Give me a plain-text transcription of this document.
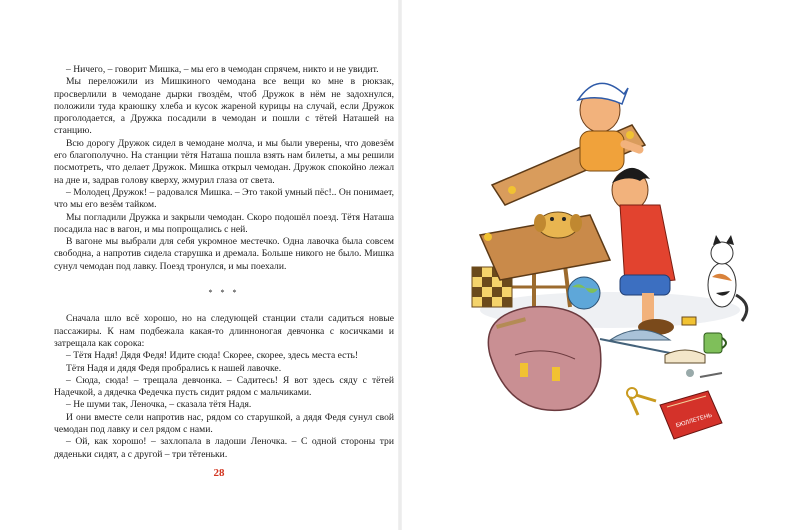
– Ничего, – говорит Мишка, – мы его в чемодан спрячем, никто и не увидит.

Мы переложили из Мишкиного чемодана все вещи ко мне в рюкзак, просверлили в чемодане дырки гвоздём, чтоб Дружок в нём не задохнулся, положили туда краюшку хлеба и кусок жареной курицы на случай, если Дружок проголодается, а Дружка посадили в чемодан и пошли с тётей Наташей на станцию.

Всю дорогу Дружок сидел в чемодане молча, и мы были уверены, что довезём его благополучно. На станции тётя Наташа пошла взять нам билеты, а мы решили посмотреть, что делает Дружок. Мишка открыл чемодан. Дружок спокойно лежал на дне и, задрав голову кверху, жмурил глаза от света.

– Молодец Дружок! – радовался Мишка. – Это такой умный пёс!.. Он понимает, что мы его везём тайком.

Мы погладили Дружка и закрыли чемодан. Скоро подошёл поезд. Тётя Наташа посадила нас в вагон, и мы попрощались с ней.

В вагоне мы выбрали для себя укромное местечко. Одна лавочка была совсем свободна, а напротив сидела старушка и дремала. Больше никого не было. Мишка сунул чемодан под лавку. Поезд тронулся, и мы поехали.

* * *

Сначала шло всё хорошо, но на следующей станции стали садиться новые пассажиры. К нам подбежала какая-то длинноногая девчонка с косичками и затрещала как сорока:

– Тётя Надя! Дядя Федя! Идите сюда! Скорее, скорее, здесь места есть!

Тётя Надя и дядя Федя пробрались к нашей лавочке.

– Сюда, сюда! – трещала девчонка. – Садитесь! Я вот здесь сяду с тётей Надечкой, а дядечка Федечка пусть сидит рядом с мальчиками.

– Не шуми так, Леночка, – сказала тётя Надя.

И они вместе сели напротив нас, рядом со старушкой, а дядя Федя сунул свой чемодан под лавку и сел рядом с нами.

– Ой, как хорошо! – захлопала в ладоши Леночка. – С одной стороны три дяденьки сидят, а с другой – три тётеньки.

28
БЮЛЛЕТЕНЬ
